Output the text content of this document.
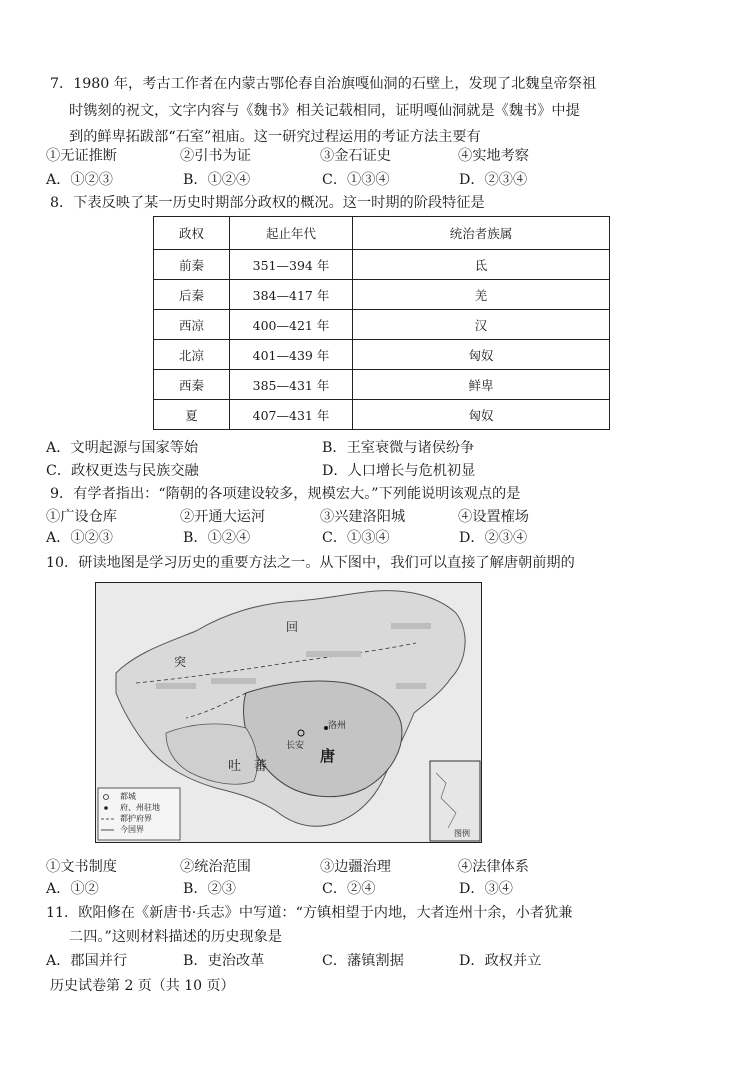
7．1980 年，考古工作者在内蒙古鄂伦春自治旗嘎仙洞的石壁上，发现了北魏皇帝祭祖
时镌刻的祝文，文字内容与《魏书》相关记载相同，证明嘎仙洞就是《魏书》中提
到的鲜卑拓跋部“石室”祖庙。这一研究过程运用的考证方法主要有
①无证推断	②引书为证	③金石证史	④实地考察
A．①②③	B．①②④	C．①③④	D．②③④
8．下表反映了某一历史时期部分政权的概况。这一时期的阶段特征是
政权	起止年代	统治者族属
前秦	351—394 年	氐
后秦	384—417 年	羌
西凉	400—421 年	汉
北凉	401—439 年	匈奴
西秦	385—431 年	鲜卑
夏	407—431 年	匈奴
A．文明起源与国家等始	B．王室衰微与诸侯纷争
C．政权更迭与民族交融	D．人口增长与危机初显
9．有学者指出：“隋朝的各项建设较多，规模宏大。”下列能说明该观点的是
①广设仓库	②开通大运河	③兴建洛阳城	④设置榷场
A．①②③	B．①②④	C．①③④	D．②③④
10．研读地图是学习历史的重要方法之一。从下图中，我们可以直接了解唐朝前期的
回
突
吐　蕃
唐
长安
洛州
图例
都城
府、州驻地
都护府界
今国界
①文书制度	②统治范围	③边疆治理	④法律体系
A．①②	B．②③	C．②④	D．③④
11．欧阳修在《新唐书·兵志》中写道：“方镇相望于内地，大者连州十余，小者犹兼
二四。”这则材料描述的历史现象是
A．郡国并行	B．吏治改革	C．藩镇割据	D．政权并立
历史试卷第 2 页（共 10 页）
